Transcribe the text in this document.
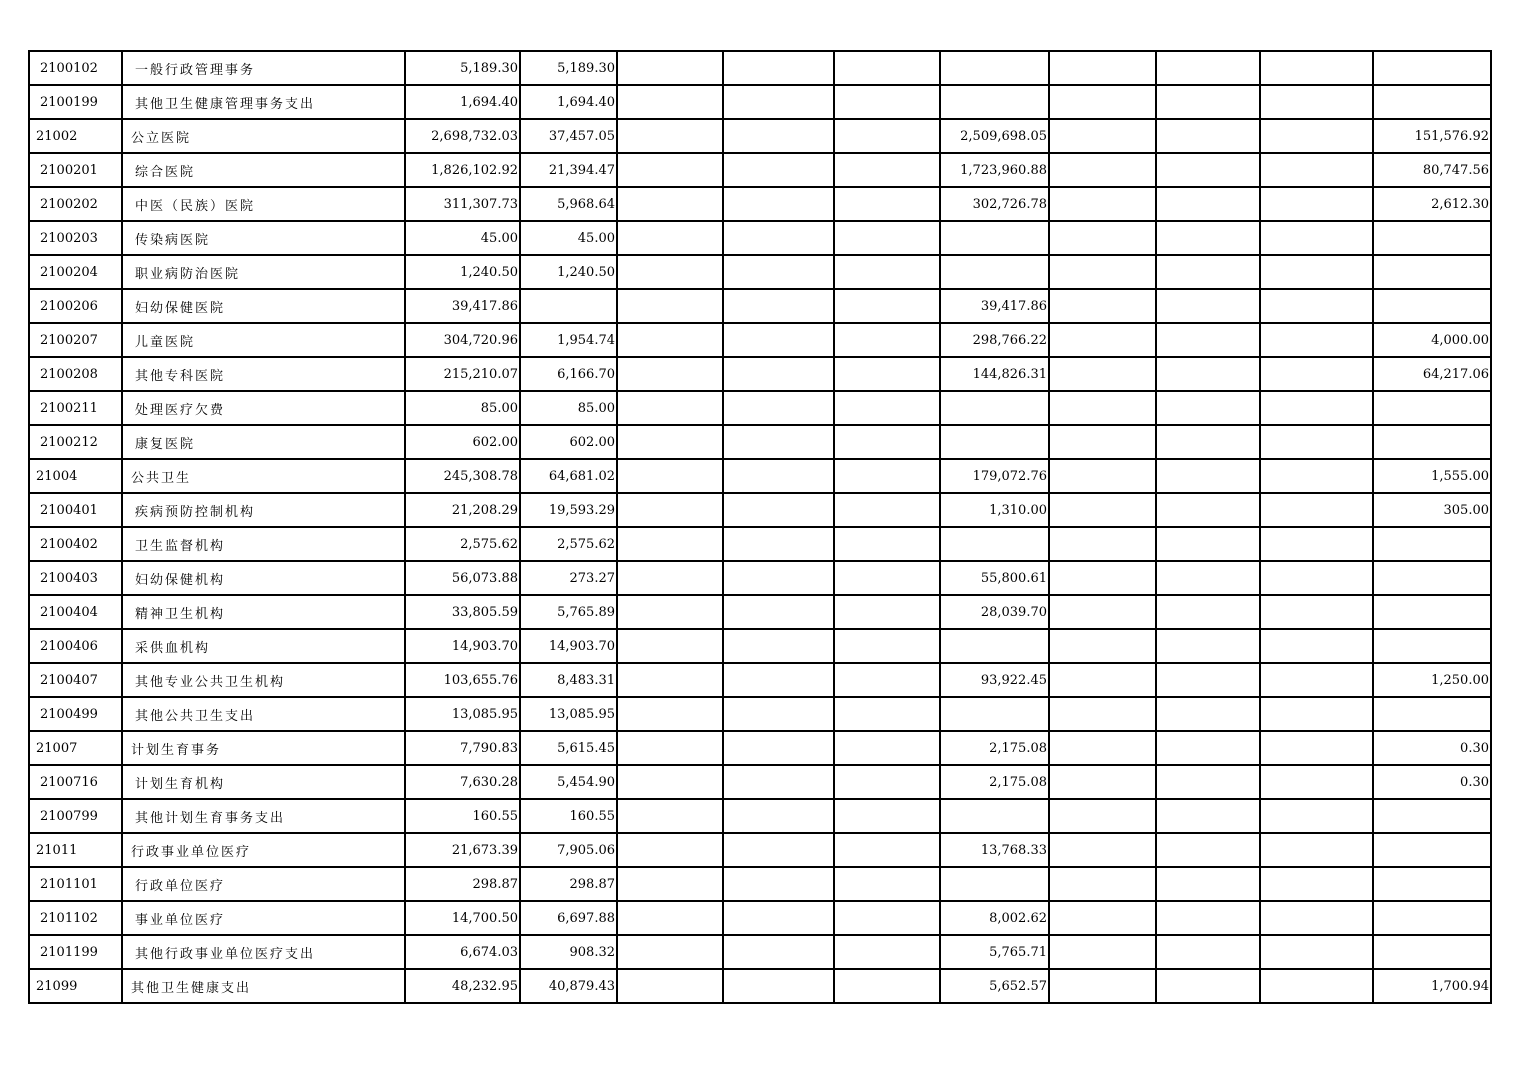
2100102	一般行政管理事务	5,189.30	5,189.30								
2100199	其他卫生健康管理事务支出	1,694.40	1,694.40								
21002	公立医院	2,698,732.03	37,457.05				2,509,698.05				151,576.92
2100201	综合医院	1,826,102.92	21,394.47				1,723,960.88				80,747.56
2100202	中医（民族）医院	311,307.73	5,968.64				302,726.78				2,612.30
2100203	传染病医院	45.00	45.00								
2100204	职业病防治医院	1,240.50	1,240.50								
2100206	妇幼保健医院	39,417.86					39,417.86				
2100207	儿童医院	304,720.96	1,954.74				298,766.22				4,000.00
2100208	其他专科医院	215,210.07	6,166.70				144,826.31				64,217.06
2100211	处理医疗欠费	85.00	85.00								
2100212	康复医院	602.00	602.00								
21004	公共卫生	245,308.78	64,681.02				179,072.76				1,555.00
2100401	疾病预防控制机构	21,208.29	19,593.29				1,310.00				305.00
2100402	卫生监督机构	2,575.62	2,575.62								
2100403	妇幼保健机构	56,073.88	273.27				55,800.61				
2100404	精神卫生机构	33,805.59	5,765.89				28,039.70				
2100406	采供血机构	14,903.70	14,903.70								
2100407	其他专业公共卫生机构	103,655.76	8,483.31				93,922.45				1,250.00
2100499	其他公共卫生支出	13,085.95	13,085.95								
21007	计划生育事务	7,790.83	5,615.45				2,175.08				0.30
2100716	计划生育机构	7,630.28	5,454.90				2,175.08				0.30
2100799	其他计划生育事务支出	160.55	160.55								
21011	行政事业单位医疗	21,673.39	7,905.06				13,768.33				
2101101	行政单位医疗	298.87	298.87								
2101102	事业单位医疗	14,700.50	6,697.88				8,002.62				
2101199	其他行政事业单位医疗支出	6,674.03	908.32				5,765.71				
21099	其他卫生健康支出	48,232.95	40,879.43				5,652.57				1,700.94
